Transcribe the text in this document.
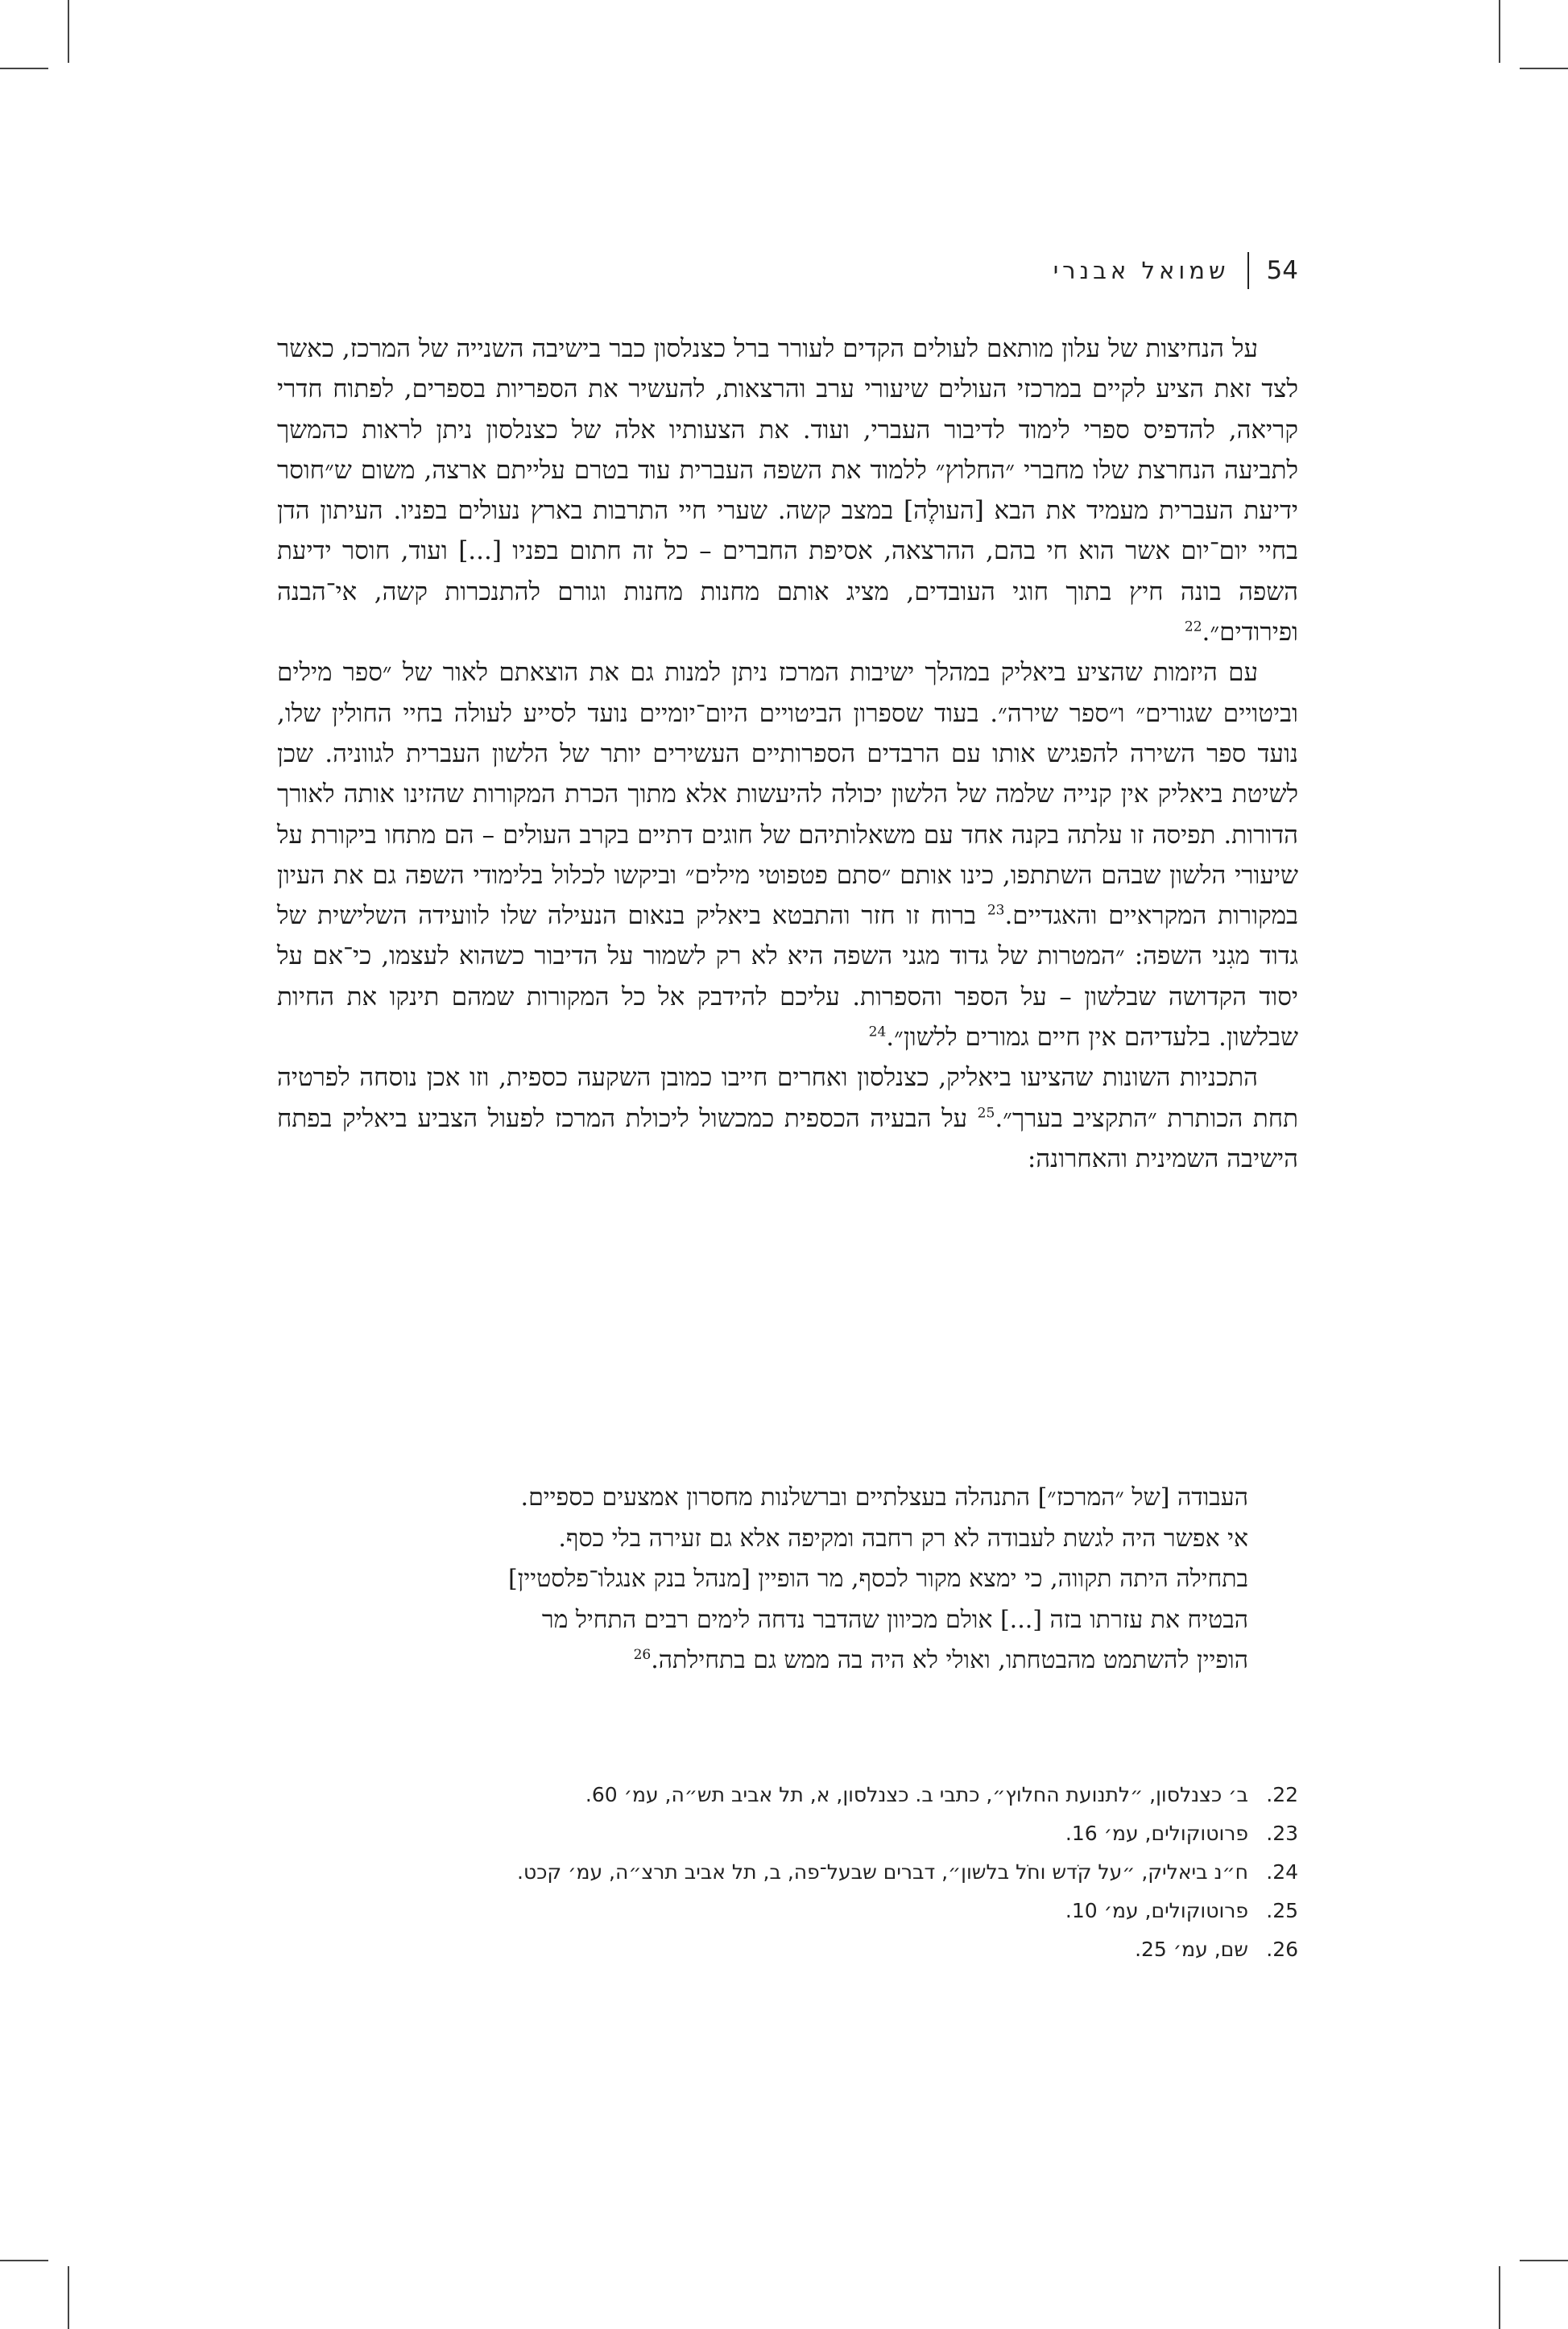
54
שמואל אבנרי

על הנחיצות של עלון מותאם לעולים הקדים לעורר ברל כצנלסון כבר בישיבה השנייה של המרכז, כאשר לצד זאת הציע לקיים במרכזי העולים שיעורי ערב והרצאות, להעשיר את הספריות בספרים, לפתוח חדרי קריאה, להדפיס ספרי לימוד לדיבור העברי, ועוד. את הצעותיו אלה של כצנלסון ניתן לראות כהמשך לתביעה הנחרצת שלו מחברי ״החלוץ״ ללמוד את השפה העברית עוד בטרם עלייתם ארצה, משום ש״חוסר ידיעת העברית מעמיד את הבא [העולֶה] במצב קשה. שערי חיי התרבות בארץ נעולים בפניו. העיתון הדן בחיי יום־יום אשר הוא חי בהם, ההרצאה, אסיפת החברים – כל זה חתום בפניו [...] ועוד, חוסר ידיעת השפה בונה חיץ בתוך חוגי העובדים, מציג אותם מחנות מחנות וגורם להתנכרות קשה, אי־הבנה ופירודים״.$^{22}$

עם היזמות שהציע ביאליק במהלך ישיבות המרכז ניתן למנות גם את הוצאתם לאור של ״ספר מילים וביטויים שגורים״ ו״ספר שירה״. בעוד שספרון הביטויים היום־יומיים נועד לסייע לעולה בחיי החולין שלו, נועד ספר השירה להפגיש אותו עם הרבדים הספרותיים העשירים יותר של הלשון העברית לגווניה. שכן לשיטת ביאליק אין קנייה שלמה של הלשון יכולה להיעשות אלא מתוך הכרת המקורות שהזינו אותה לאורך הדורות. תפיסה זו עלתה בקנה אחד עם משאלותיהם של חוגים דתיים בקרב העולים – הם מתחו ביקורת על שיעורי הלשון שבהם השתתפו, כינו אותם ״סתם פטפוטי מילים״ וביקשו לכלול בלימודי השפה גם את העיון במקורות המקראיים והאגדיים.$^{23}$ ברוח זו חזר והתבטא ביאליק בנאום הנעילה שלו לוועידה השלישית של גדוד מגִני השפה: ״המטרות של גדוד מגני השפה היא לא רק לשמור על הדיבור כשהוא לעצמו, כי־אם על יסוד הקדושה שבלשון – על הספר והספרות. עליכם להידבק אל כל המקורות שמהם תינקו את החיות שבלשון. בלעדיהם אין חיים גמורים ללשון״.$^{24}$

התכניות השונות שהציעו ביאליק, כצנלסון ואחרים חייבו כמובן השקעה כספית, וזו אכן נוסחה לפרטיה תחת הכותרת ״התקציב בערך״.$^{25}$ על הבעיה הכספית כמכשול ליכולת המרכז לפעול הצביע ביאליק בפתח הישיבה השמינית והאחרונה:

העבודה [של ״המרכז״] התנהלה בעצלתיים וברשלנות מחסרון אמצעים כספיים.

אי אפשר היה לגשת לעבודה לא רק רחבה ומקיפה אלא גם זעירה בלי כסף.

בתחילה היתה תקווה, כי ימצא מקור לכסף, מר הופיין [מנהל בנק אנגלו־פלסטיין]

הבטיח את עזרתו בזה [...] אולם מכיוון שהדבר נדחה לימים רבים התחיל מר

הופיין להשתמט מהבטחתו, ואולי לא היה בה ממש גם בתחילתה.$^{26}$

22.
ב׳ כצנלסון, ״לתנועת החלוץ״, כתבי ב. כצנלסון, א, תל אביב תש״ה, עמ׳ 60.
23.
פרוטוקולים, עמ׳ 16.
24.
ח״נ ביאליק, ״על קֹדש וחֹל בלשון״, דברים שבעל־פה, ב, תל אביב תרצ״ה, עמ׳ קכט.
25.
פרוטוקולים, עמ׳ 10.
26.
שם, עמ׳ 25.
